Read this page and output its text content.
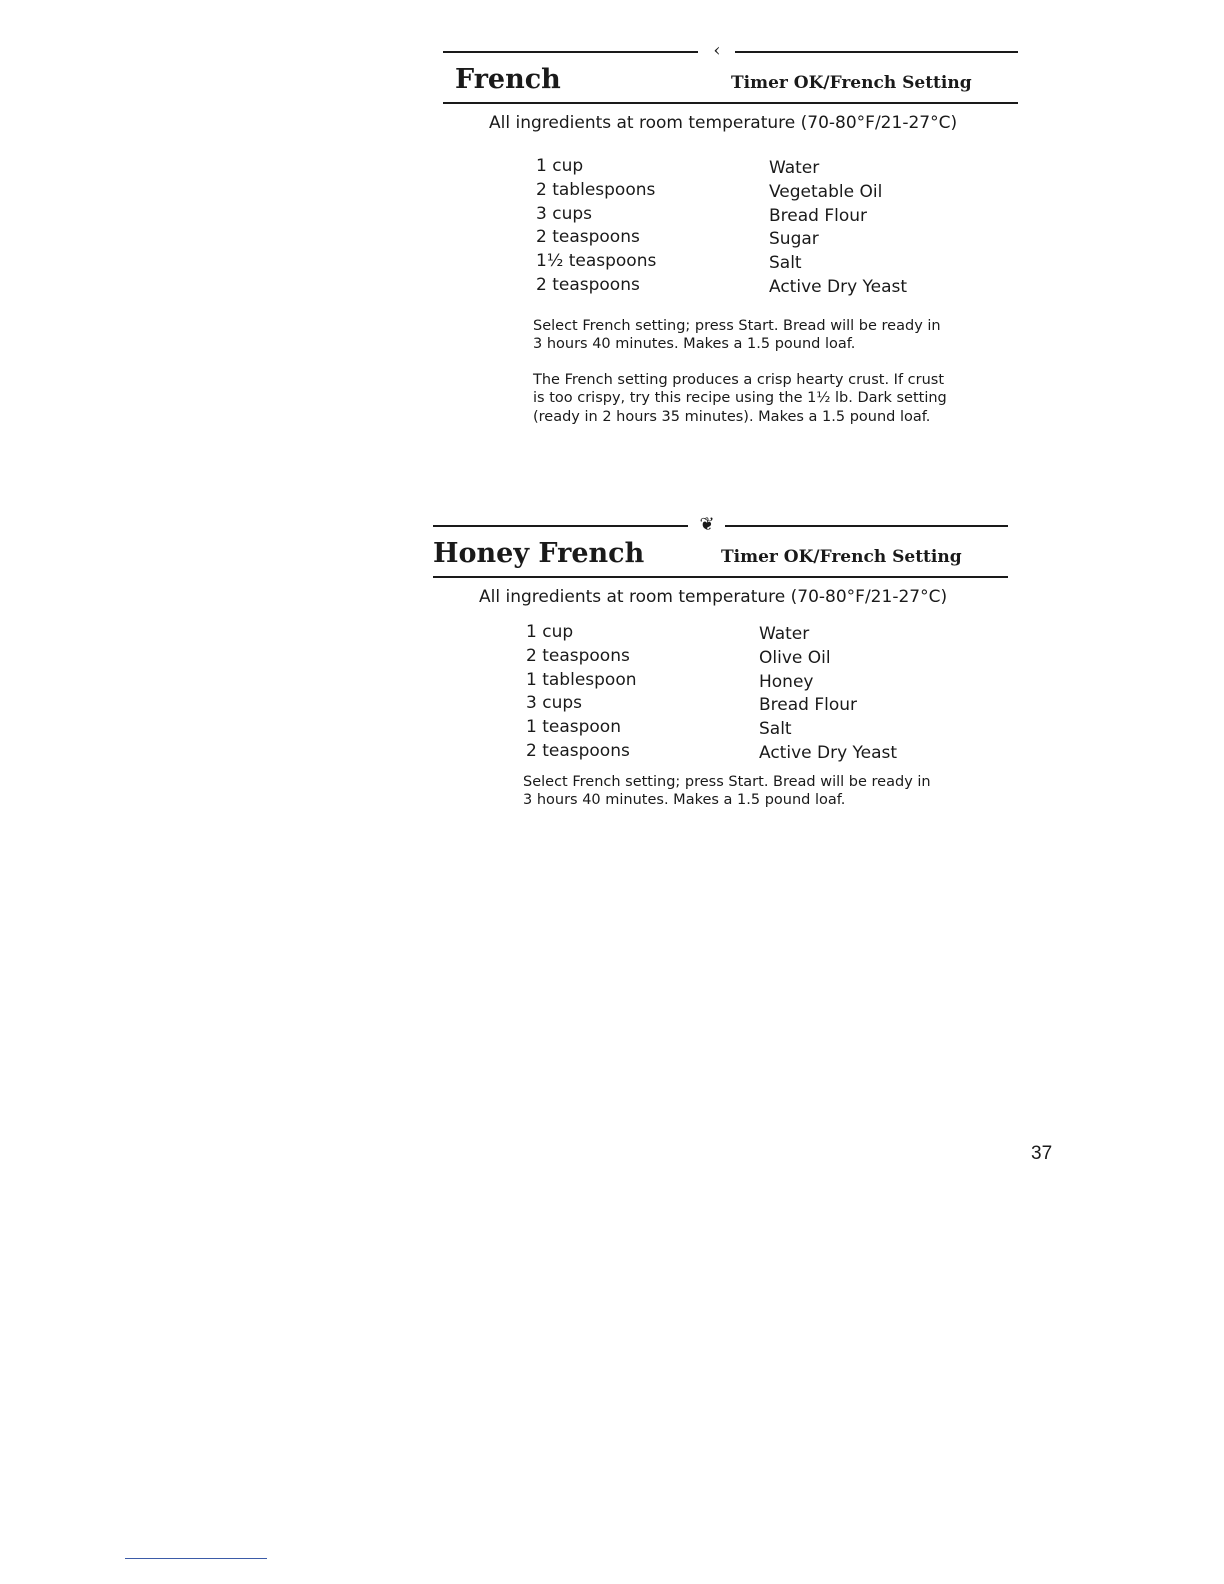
‹
French	Timer OK/French Setting
All ingredients at room temperature (70-80°F/21-27°C)
1 cup	Water
2 tablespoons	Vegetable Oil
3 cups	Bread Flour
2 teaspoons	Sugar
1½ teaspoons	Salt
2 teaspoons	Active Dry Yeast

Select French setting; press Start. Bread will be ready in 3 hours 40 minutes. Makes a 1.5 pound loaf.

The French setting produces a crisp hearty crust. If crust is too crispy, try this recipe using the 1½ lb. Dark setting (ready in 2 hours 35 minutes). Makes a 1.5 pound loaf.

❦
Honey French	Timer OK/French Setting
All ingredients at room temperature (70-80°F/21-27°C)
1 cup	Water
2 teaspoons	Olive Oil
1 tablespoon	Honey
3 cups	Bread Flour
1 teaspoon	Salt
2 teaspoons	Active Dry Yeast

Select French setting; press Start. Bread will be ready in 3 hours 40 minutes. Makes a 1.5 pound loaf.

37
